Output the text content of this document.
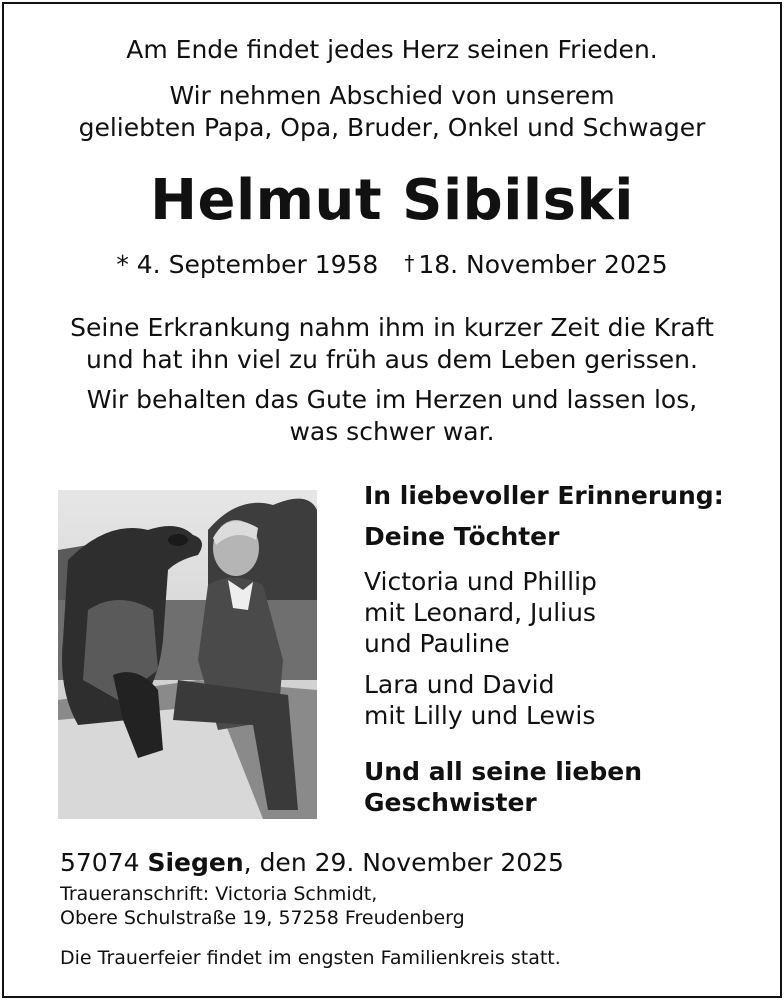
Am Ende findet jedes Herz seinen Frieden.
Wir nehmen Abschied von unserem
geliebten Papa, Opa, Bruder, Onkel und Schwager
Helmut Sibilski
* 4. September 1958 † 18. November 2025
Seine Erkrankung nahm ihm in kurzer Zeit die Kraft
und hat ihn viel zu früh aus dem Leben gerissen.
Wir behalten das Gute im Herzen und lassen los,
was schwer war.
In liebevoller Erinnerung:
Deine Töchter
Victoria und Phillip
mit Leonard, Julius
und Pauline
Lara und David
mit Lilly und Lewis
Und all seine lieben
Geschwister
57074 Siegen, den 29. November 2025
Traueranschrift: Victoria Schmidt,
Obere Schulstraße 19, 57258 Freudenberg
Die Trauerfeier findet im engsten Familienkreis statt.
